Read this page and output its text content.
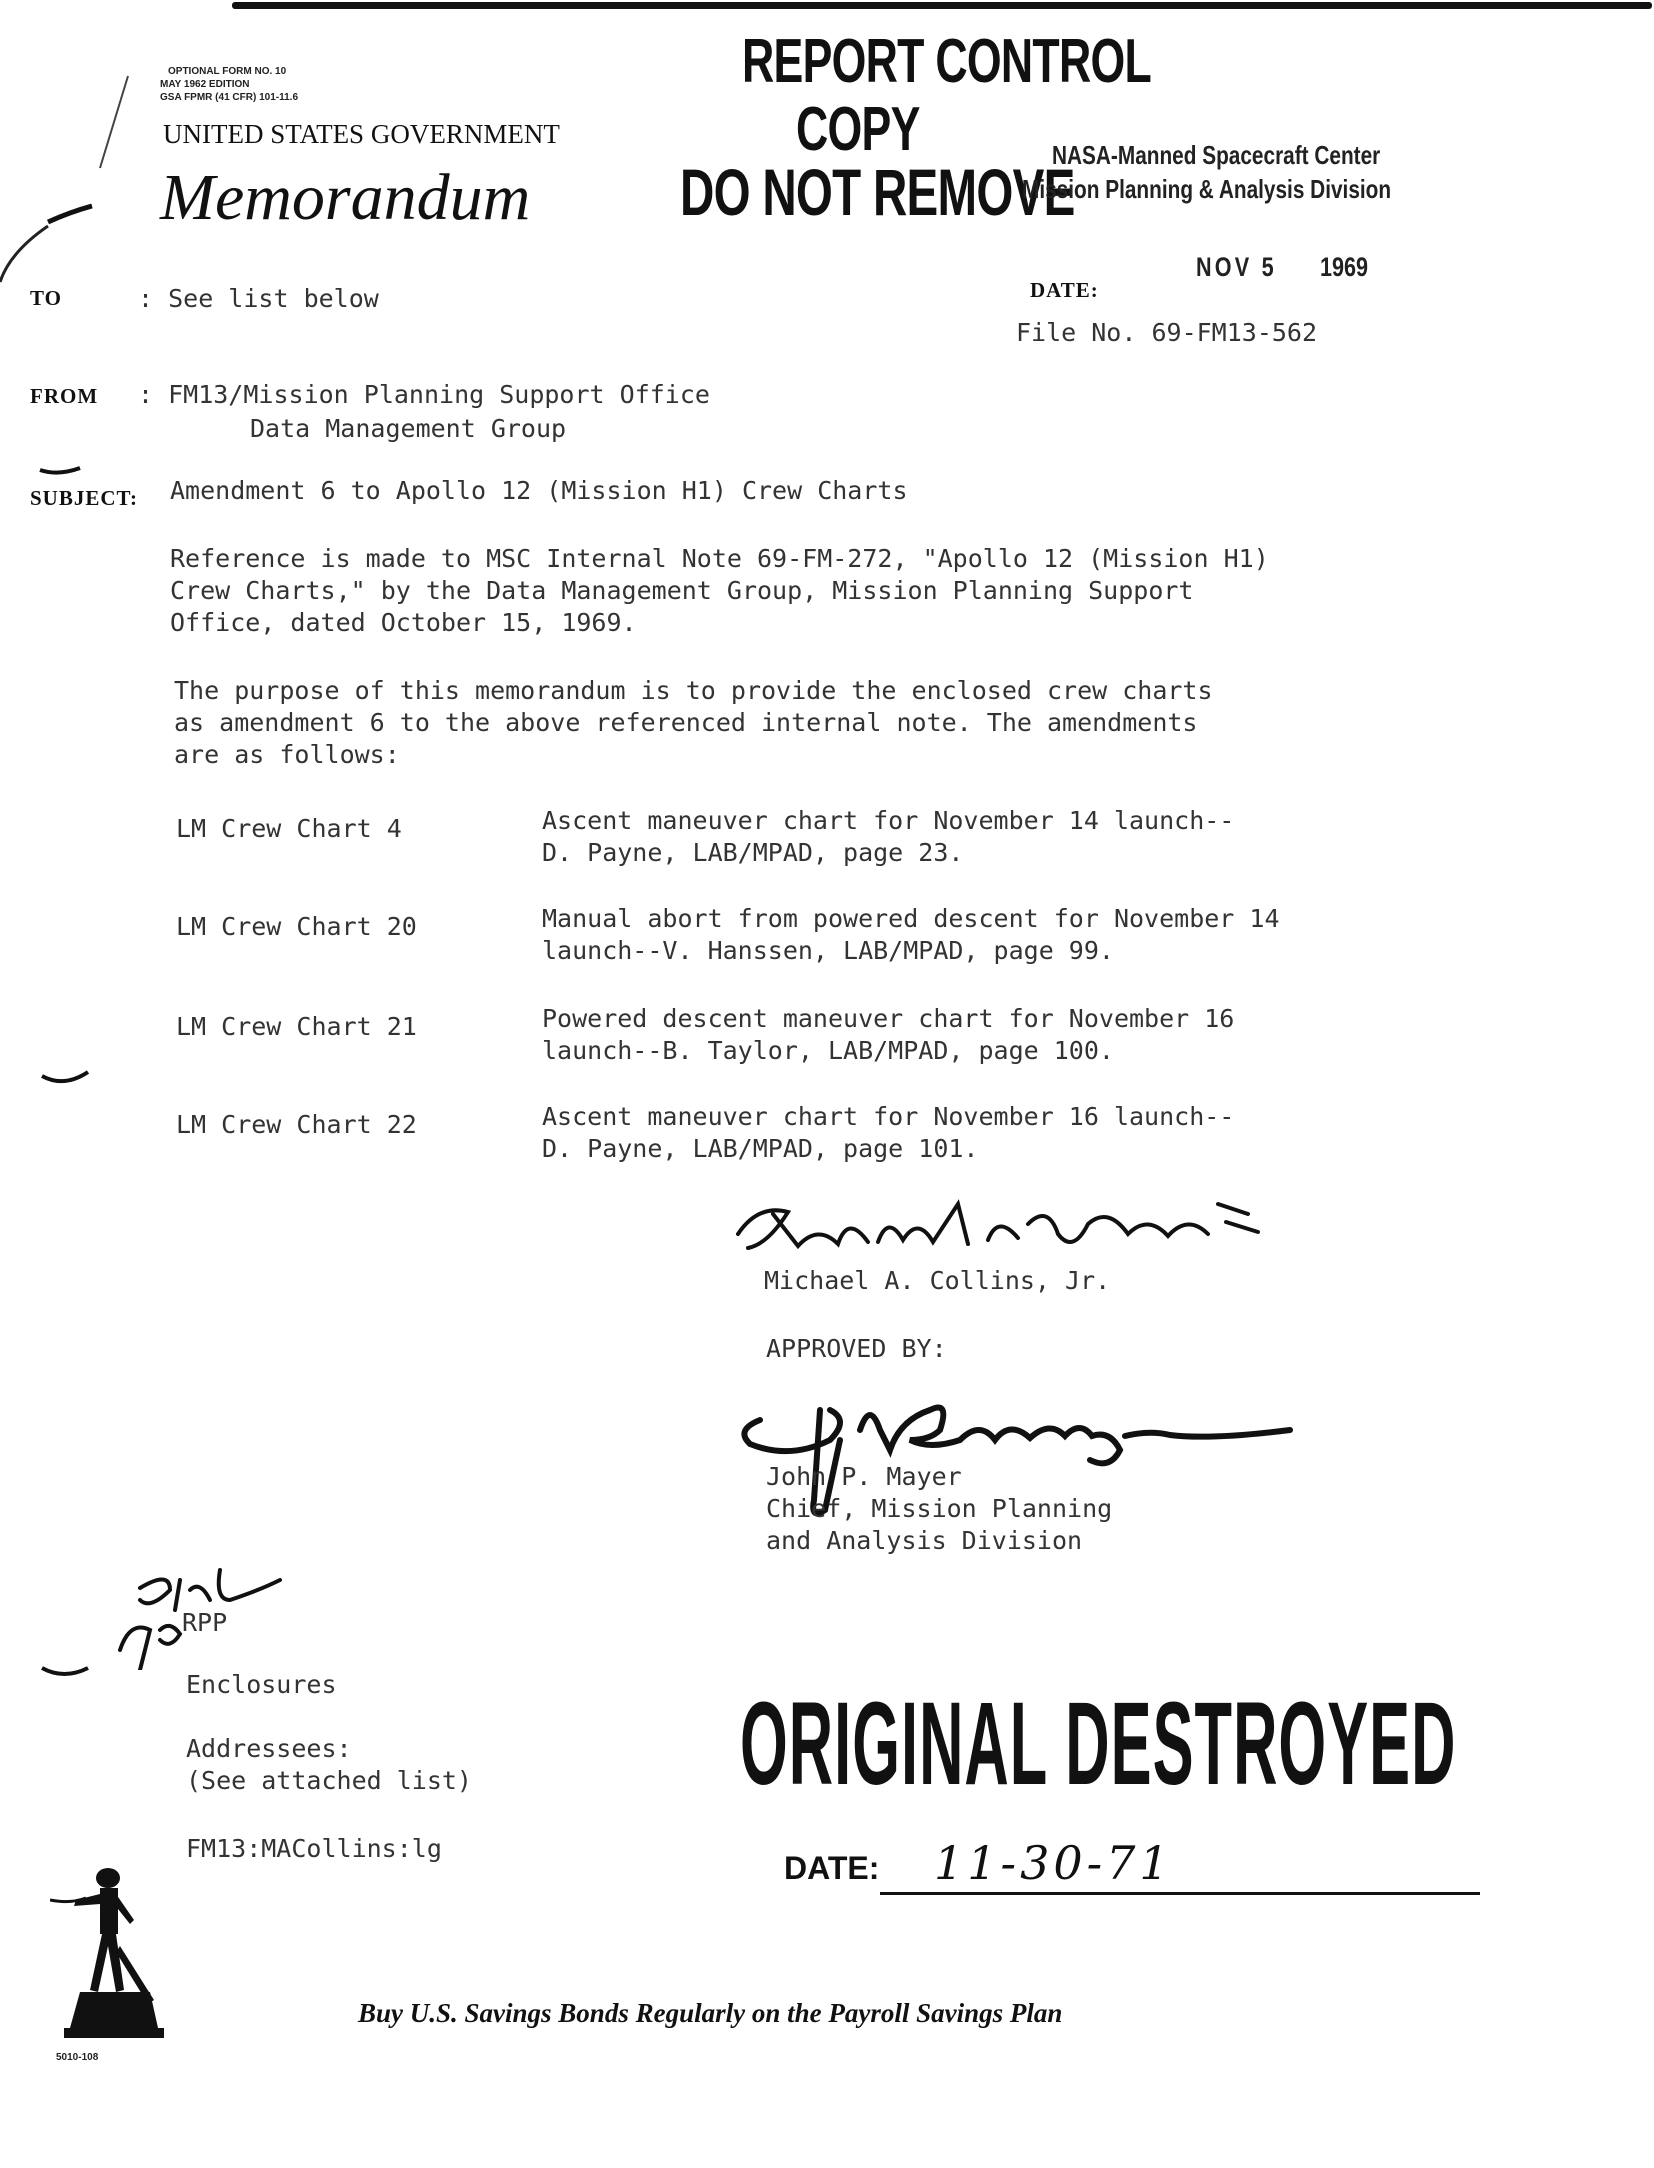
OPTIONAL FORM NO. 10
MAY 1962 EDITION
GSA FPMR (41 CFR) 101-11.6
UNITED STATES GOVERNMENT
Memorandum
REPORT CONTROL
COPY
DO NOT REMOVE
NASA-Manned Spacecraft Center
Mission Planning & Analysis Division
NOV 5 1969
TO	: See list below	DATE:
File No. 69-FM13-562
FROM : FM13/Mission Planning Support Office
Data Management Group
SUBJECT: Amendment 6 to Apollo 12 (Mission H1) Crew Charts
Reference is made to MSC Internal Note 69-FM-272, "Apollo 12 (Mission H1)
Crew Charts," by the Data Management Group, Mission Planning Support
Office, dated October 15, 1969.
The purpose of this memorandum is to provide the enclosed crew charts
as amendment 6 to the above referenced internal note. The amendments
are as follows:
LM Crew Chart 4	Ascent maneuver chart for November 14 launch--
D. Payne, LAB/MPAD, page 23.
LM Crew Chart 20	Manual abort from powered descent for November 14
launch--V. Hanssen, LAB/MPAD, page 99.
LM Crew Chart 21	Powered descent maneuver chart for November 16
launch--B. Taylor, LAB/MPAD, page 100.
LM Crew Chart 22	Ascent maneuver chart for November 16 launch--
D. Payne, LAB/MPAD, page 101.
Michael A. Collins, Jr.
APPROVED BY:
John P. Mayer
Chief, Mission Planning
and Analysis Division
RPP
Enclosures
Addressees:
(See attached list)
FM13:MACollins:lg
ORIGINAL DESTROYED
DATE: 11-30-71
5010-108
Buy U.S. Savings Bonds Regularly on the Payroll Savings Plan
